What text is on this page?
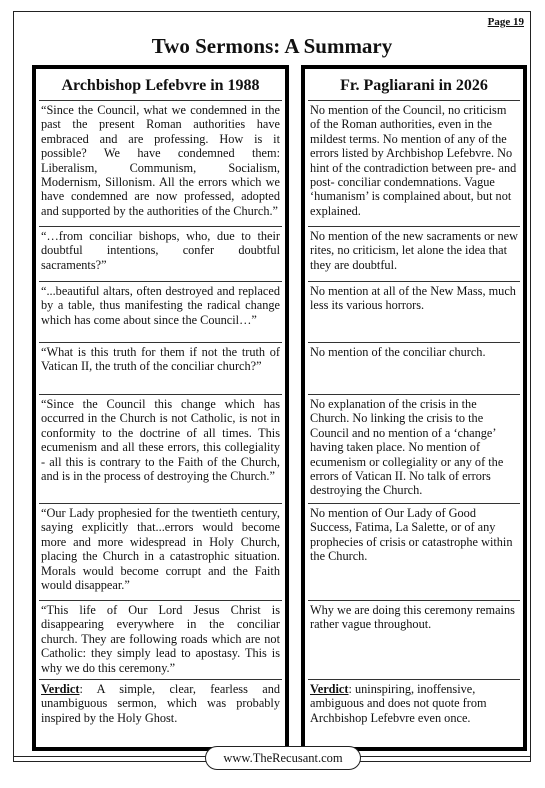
Page 19
Two Sermons: A Summary
Archbishop Lefebvre in 1988
“Since the Council, what we condemned in the past the present Roman authorities have embraced and are professing. How is it possible? We have condemned them: Liberalism, Communism, Socialism, Modernism, Sillonism. All the errors which we have condemned are now professed, adopted and supported by the authorities of the Church.”
“…from conciliar bishops, who, due to their doubtful intentions, confer doubtful sacraments?”
“...beautiful altars, often destroyed and replaced by a table, thus manifesting the radical change which has come about since the Council…”
“What is this truth for them if not the truth of Vatican II, the truth of the conciliar church?”
“Since the Council this change which has occurred in the Church is not Catholic, is not in conformity to the doctrine of all times. This ecumenism and all these errors, this collegiality - all this is contrary to the Faith of the Church, and is in the process of destroying the Church.”
“Our Lady prophesied for the twentieth century, saying explicitly that...errors would become more and more widespread in Holy Church, placing the Church in a catastrophic situation. Morals would become corrupt and the Faith would disappear.”
“This life of Our Lord Jesus Christ is disappearing everywhere in the conciliar church. They are following roads which are not Catholic: they simply lead to apostasy. This is why we do this ceremony.”
Verdict: A simple, clear, fearless and unambiguous sermon, which was probably inspired by the Holy Ghost.
Fr. Pagliarani in 2026
No mention of the Council, no criticism of the Roman authorities, even in the mildest terms. No mention of any of the errors listed by Archbishop Lefebvre. No hint of the contradiction between pre- and post- conciliar condemnations. Vague ‘humanism’ is complained about, but not explained.
No mention of the new sacraments or new rites, no criticism, let alone the idea that they are doubtful.
No mention at all of the New Mass, much less its various horrors.
No mention of the conciliar church.
No explanation of the crisis in the Church. No linking the crisis to the Council and no mention of a ‘change’ having taken place. No mention of ecumenism or collegiality or any of the errors of Vatican II. No talk of errors destroying the Church.
No mention of Our Lady of Good Success, Fatima, La Salette, or of any prophecies of crisis or catastrophe within the Church.
Why we are doing this ceremony remains rather vague throughout.
Verdict: uninspiring, inoffensive, ambiguous and does not quote from Archbishop Lefebvre even once.
www.TheRecusant.com
